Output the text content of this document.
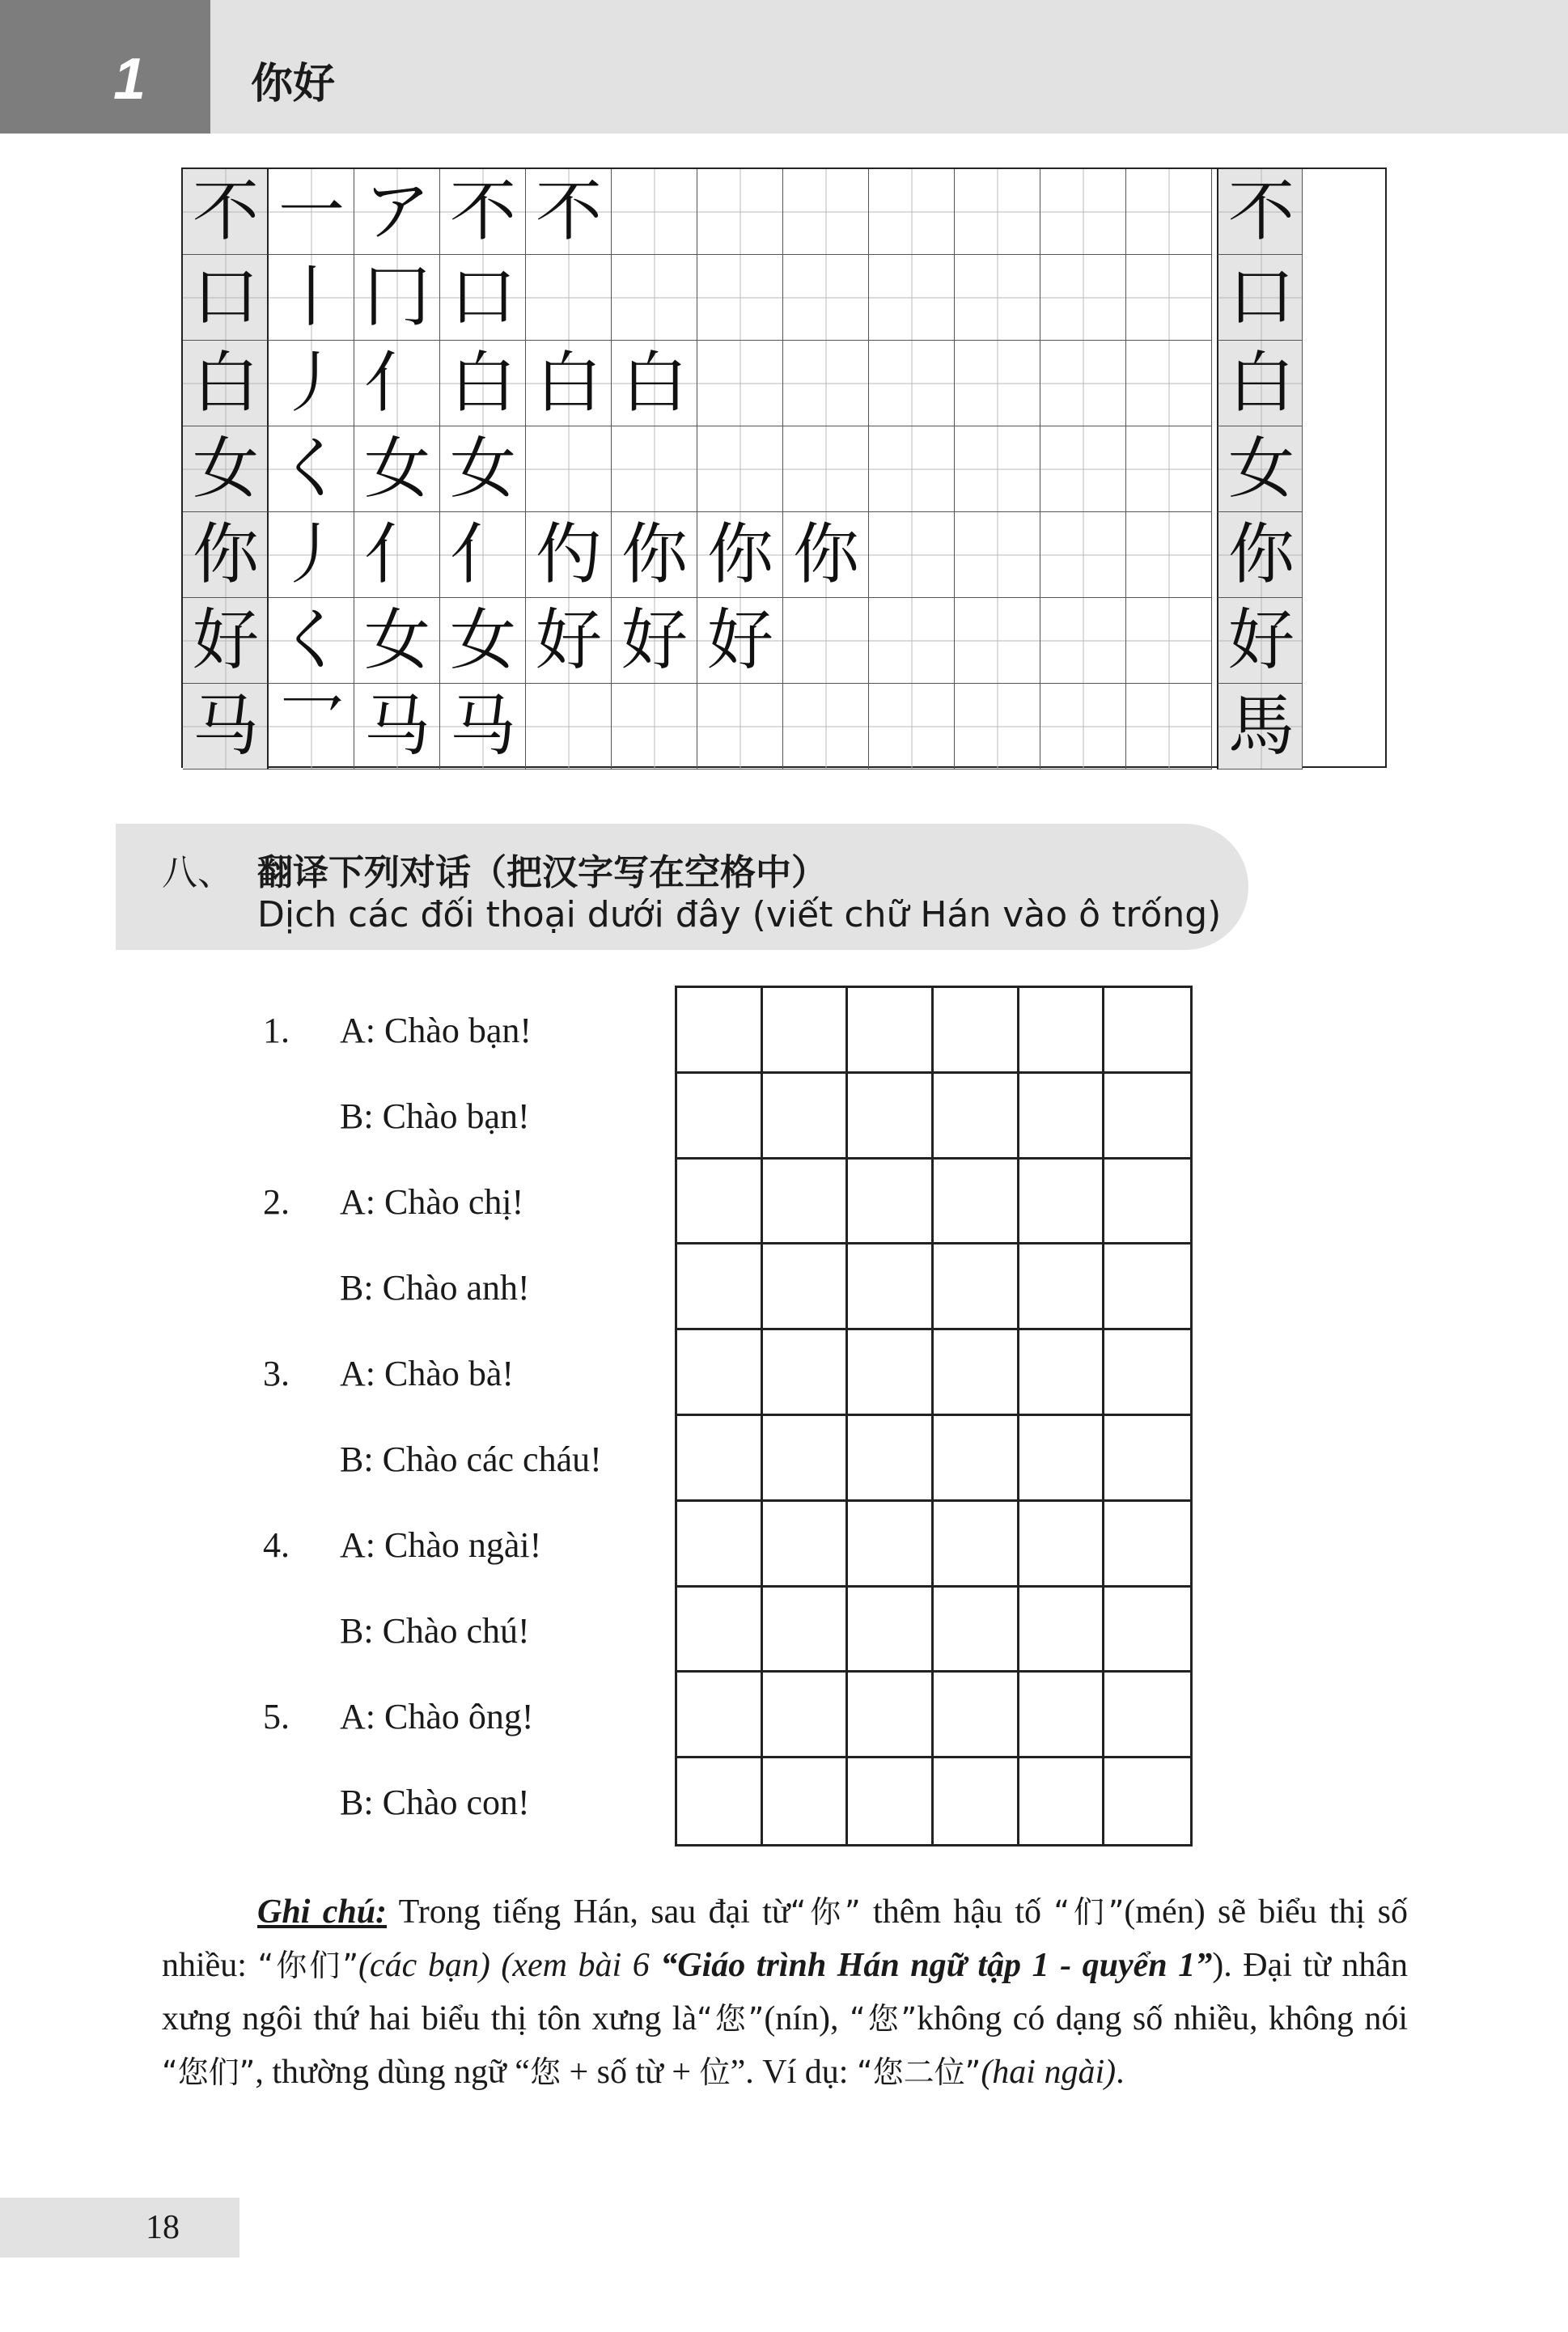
1 你好
不 一 ア 不 不	不
口 丨 冂 口	口
白 丿 亻 白 白 白	白
女 く 女 女	女
你 丿 亻 亻 仢 你 你 你	你
好 く 女 女 好 好 好	好
马 乛 马 马	馬
八、 翻译下列对话（把汉字写在空格中）
Dịch các đối thoại dưới đây (viết chữ Hán vào ô trống)
1. A: Chào bạn!
B: Chào bạn!
2. A: Chào chị!
B: Chào anh!
3. A: Chào bà!
B: Chào các cháu!
4. A: Chào ngài!
B: Chào chú!
5. A: Chào ông!
B: Chào con!
Ghi chú: Trong tiếng Hán, sau đại từ“你” thêm hậu tố “们”(mén) sẽ biểu thị số nhiều: “你们”(các bạn) (xem bài 6 “Giáo trình Hán ngữ tập 1 - quyển 1”). Đại từ nhân xưng ngôi thứ hai biểu thị tôn xưng là“您”(nín), “您”không có dạng số nhiều, không nói “您们”, thường dùng ngữ “您 + số từ + 位”. Ví dụ: “您二位”(hai ngài).
18
